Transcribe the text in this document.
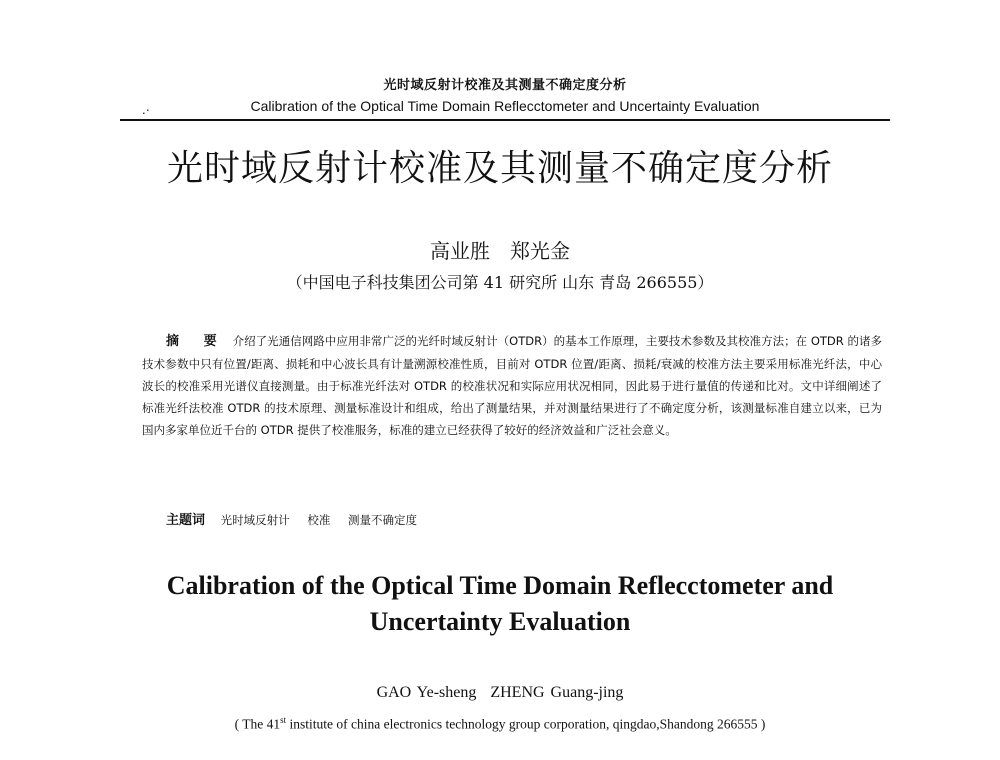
光时域反射计校准及其测量不确定度分析
Calibration of the Optical Time Domain Reflecctometer and Uncertainty Evaluation
.·
光时域反射计校准及其测量不确定度分析
高业胜　郑光金
（中国电子科技集团公司第 41 研究所 山东 青岛 266555）
摘 要 介绍了光通信网路中应用非常广泛的光纤时域反射计（OTDR）的基本工作原理，主要技术参数及其校准方法；在 OTDR 的诸多技术参数中只有位置/距离、损耗和中心波长具有计量溯源校准性质，目前对 OTDR 位置/距离、损耗/衰减的校准方法主要采用标准光纤法，中心波长的校准采用光谱仪直接测量。由于标准光纤法对 OTDR 的校准状况和实际应用状况相同，因此易于进行量值的传递和比对。文中详细阐述了标准光纤法校准 OTDR 的技术原理、测量标准设计和组成，给出了测量结果，并对测量结果进行了不确定度分析，该测量标准自建立以来，已为国内多家单位近千台的 OTDR 提供了校准服务，标准的建立已经获得了较好的经济效益和广泛社会意义。
主题词 光时域反射计 校准 测量不确定度
Calibration of the Optical Time Domain Reflecctometer and
Uncertainty Evaluation
GAO Ye-sheng ZHENG Guang-jing
( The 41st institute of china electronics technology group corporation, qingdao,Shandong 266555 )
